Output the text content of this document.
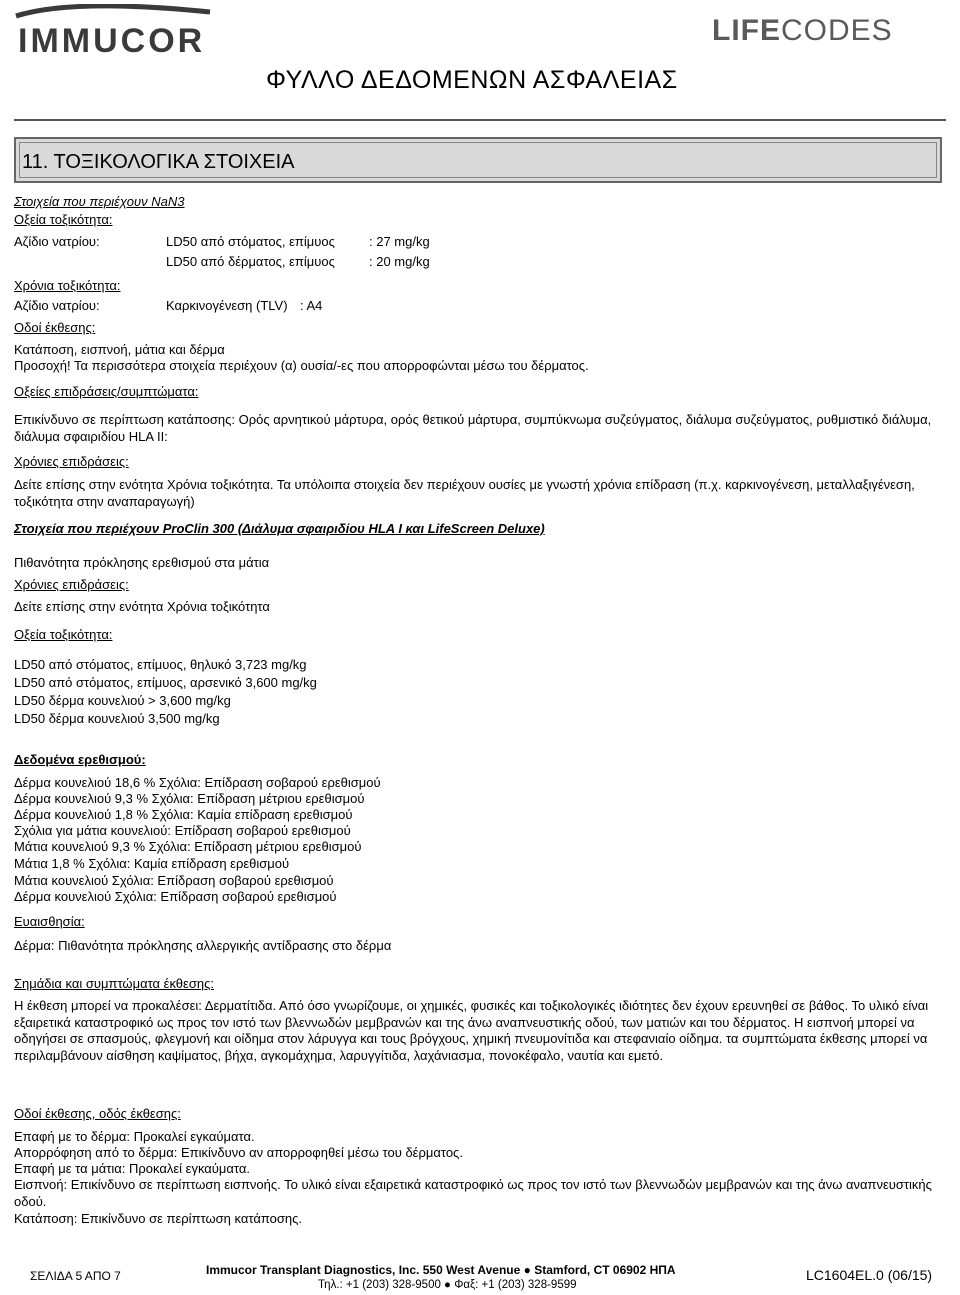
IMMUCOR	LIFECODES
ΦΥΛΛΟ ΔΕΔΟΜΕΝΩΝ ΑΣΦΑΛΕΙΑΣ
11. ΤΟΞΙΚΟΛΟΓΙΚΑ ΣΤΟΙΧΕΙΑ
Στοιχεία που περιέχουν NaN3
Οξεία τοξικότητα:
Αζίδιο νατρίου:	LD50 από στόματος, επίμυος	: 27 mg/kg
LD50 από δέρματος, επίμυος	: 20 mg/kg
Χρόνια τοξικότητα:
Αζίδιο νατρίου:	Καρκινογένεση (TLV) : A4
Οδοί έκθεσης:
Κατάποση, εισπνοή, μάτια και δέρμα
Προσοχή! Τα περισσότερα στοιχεία περιέχουν (α) ουσία/-ες που απορροφώνται μέσω του δέρματος.
Οξείες επιδράσεις/συμπτώματα:
Επικίνδυνο σε περίπτωση κατάποσης: Ορός αρνητικού μάρτυρα, ορός θετικού μάρτυρα, συμπύκνωμα συζεύγματος, διάλυμα συζεύγματος, ρυθμιστικό διάλυμα, διάλυμα σφαιριδίου HLA II:
Χρόνιες επιδράσεις:
Δείτε επίσης στην ενότητα Χρόνια τοξικότητα. Τα υπόλοιπα στοιχεία δεν περιέχουν ουσίες με γνωστή χρόνια επίδραση (π.χ. καρκινογένεση, μεταλλαξιγένεση, τοξικότητα στην αναπαραγωγή)
Στοιχεία που περιέχουν ProClin 300 (Διάλυμα σφαιριδίου HLA I και LifeScreen Deluxe)
Πιθανότητα πρόκλησης ερεθισμού στα μάτια
Χρόνιες επιδράσεις:
Δείτε επίσης στην ενότητα Χρόνια τοξικότητα
Οξεία τοξικότητα:
LD50 από στόματος, επίμυος, θηλυκό 3,723 mg/kg
LD50 από στόματος, επίμυος, αρσενικό 3,600 mg/kg
LD50 δέρμα κουνελιού > 3,600 mg/kg
LD50 δέρμα κουνελιού 3,500 mg/kg
Δεδομένα ερεθισμού:
Δέρμα κουνελιού 18,6 % Σχόλια: Επίδραση σοβαρού ερεθισμού
Δέρμα κουνελιού 9,3 % Σχόλια: Επίδραση μέτριου ερεθισμού
Δέρμα κουνελιού 1,8 % Σχόλια: Καμία επίδραση ερεθισμού
Σχόλια για μάτια κουνελιού: Επίδραση σοβαρού ερεθισμού
Μάτια κουνελιού 9,3 % Σχόλια: Επίδραση μέτριου ερεθισμού
Μάτια 1,8 % Σχόλια: Καμία επίδραση ερεθισμού
Μάτια κουνελιού Σχόλια: Επίδραση σοβαρού ερεθισμού
Δέρμα κουνελιού Σχόλια: Επίδραση σοβαρού ερεθισμού
Ευαισθησία:
Δέρμα: Πιθανότητα πρόκλησης αλλεργικής αντίδρασης στο δέρμα
Σημάδια και συμπτώματα έκθεσης:
Η έκθεση μπορεί να προκαλέσει: Δερματίτιδα. Από όσο γνωρίζουμε, οι χημικές, φυσικές και τοξικολογικές ιδιότητες δεν έχουν ερευνηθεί σε βάθος. Το υλικό είναι εξαιρετικά καταστροφικό ως προς τον ιστό των βλεννωδών μεμβρανών και της άνω αναπνευστικής οδού, των ματιών και του δέρματος. Η εισπνοή μπορεί να οδηγήσει σε σπασμούς, φλεγμονή και οίδημα στον λάρυγγα και τους βρόγχους, χημική πνευμονίτιδα και στεφανιαίο οίδημα. τα συμπτώματα έκθεσης μπορεί να περιλαμβάνουν αίσθηση καψίματος, βήχα, αγκομάχημα, λαρυγγίτιδα, λαχάνιασμα, πονοκέφαλο, ναυτία και εμετό.
Οδοί έκθεσης, οδός έκθεσης:
Επαφή με το δέρμα: Προκαλεί εγκαύματα.
Απορρόφηση από το δέρμα: Επικίνδυνο αν απορροφηθεί μέσω του δέρματος.
Επαφή με τα μάτια: Προκαλεί εγκαύματα.
Εισπνοή: Επικίνδυνο σε περίπτωση εισπνοής. Το υλικό είναι εξαιρετικά καταστροφικό ως προς τον ιστό των βλεννωδών μεμβρανών και της άνω αναπνευστικής οδού.
Κατάποση: Επικίνδυνο σε περίπτωση κατάποσης.
ΣΕΛΙΔΑ 5 ΑΠΟ 7	Immucor Transplant Diagnostics, Inc. 550 West Avenue ● Stamford, CT 06902 ΗΠΑ
Τηλ.: +1 (203) 328-9500 ● Φαξ: +1 (203) 328-9599
LC1604EL.0 (06/15)
